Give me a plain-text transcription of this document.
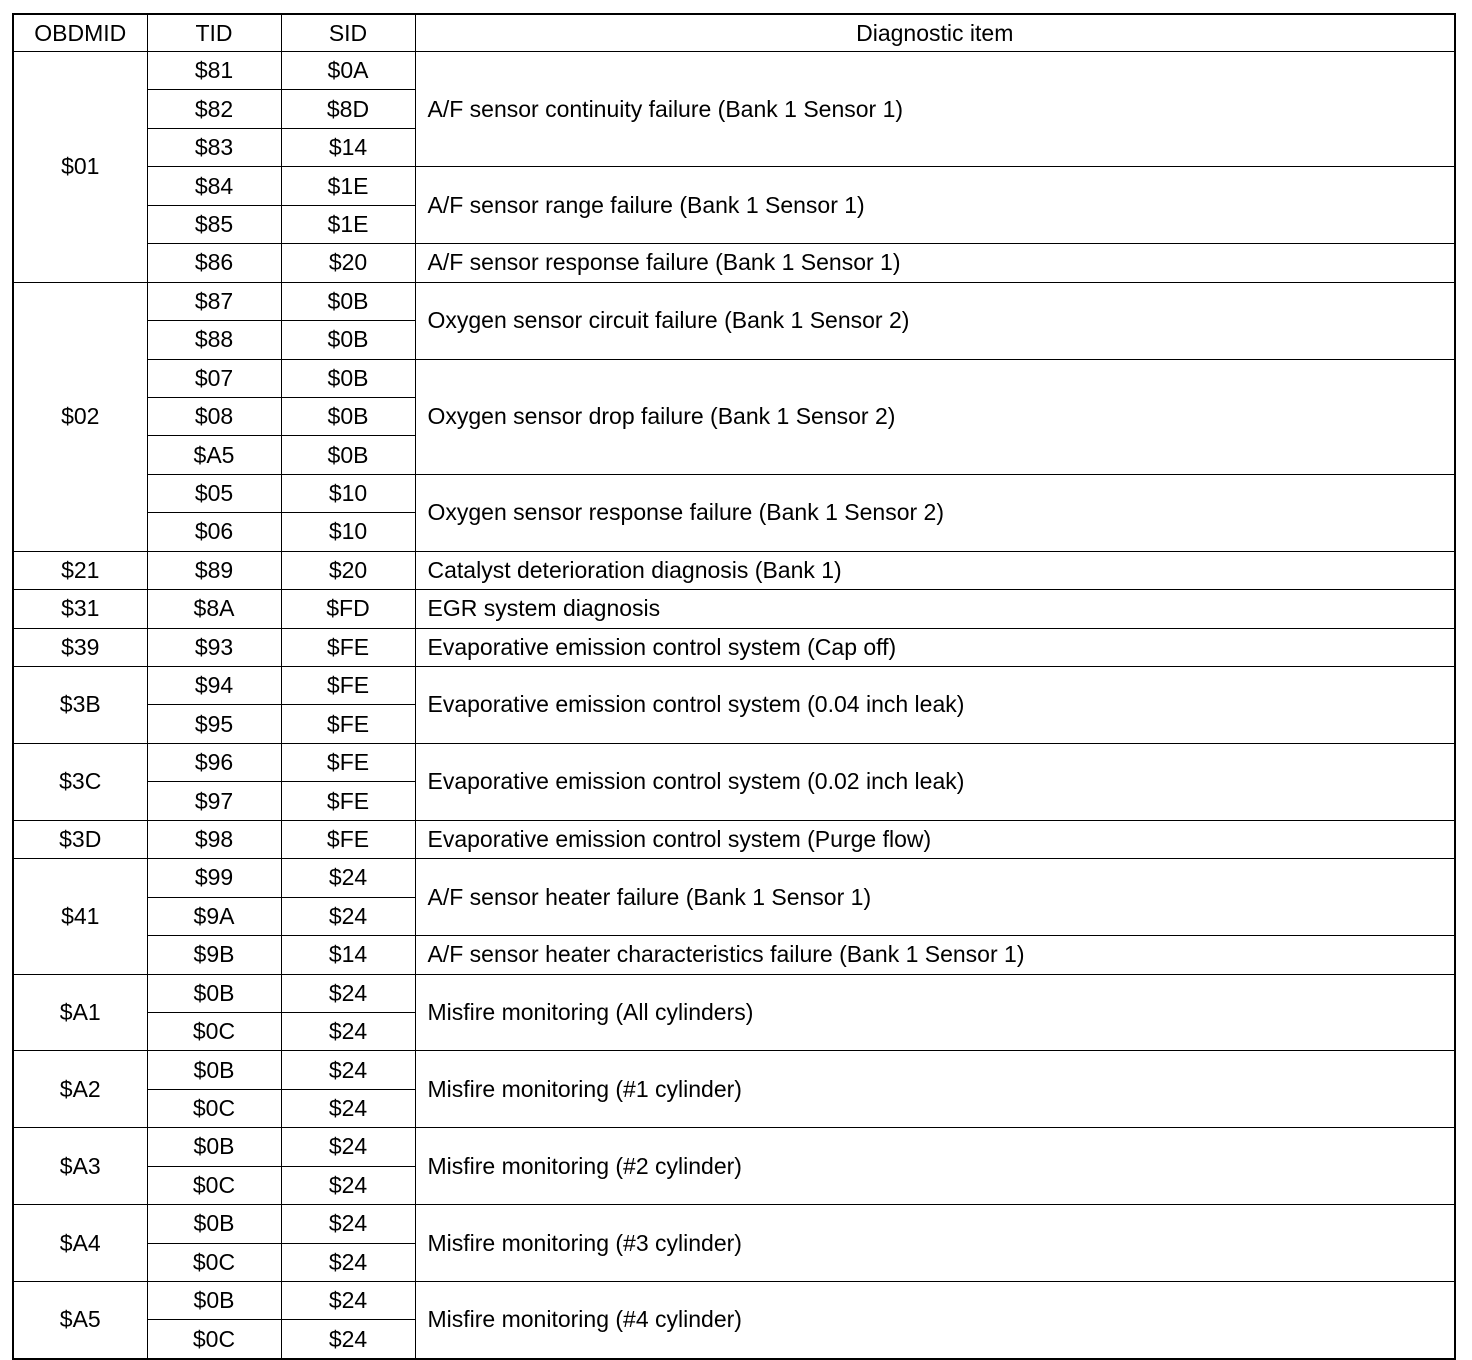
OBDMID	TID	SID	Diagnostic item
$01	$81	$0A	A/F sensor continuity failure (Bank 1 Sensor 1)
	$82	$8D	
	$83	$14	
	$84	$1E	A/F sensor range failure (Bank 1 Sensor 1)
	$85	$1E	
	$86	$20	A/F sensor response failure (Bank 1 Sensor 1)
$02	$87	$0B	Oxygen sensor circuit failure (Bank 1 Sensor 2)
	$88	$0B	
	$07	$0B	Oxygen sensor drop failure (Bank 1 Sensor 2)
	$08	$0B	
	$A5	$0B	
	$05	$10	Oxygen sensor response failure (Bank 1 Sensor 2)
	$06	$10	
$21	$89	$20	Catalyst deterioration diagnosis (Bank 1)
$31	$8A	$FD	EGR system diagnosis
$39	$93	$FE	Evaporative emission control system (Cap off)
$3B	$94	$FE	Evaporative emission control system (0.04 inch leak)
	$95	$FE	
$3C	$96	$FE	Evaporative emission control system (0.02 inch leak)
	$97	$FE	
$3D	$98	$FE	Evaporative emission control system (Purge flow)
$41	$99	$24	A/F sensor heater failure (Bank 1 Sensor 1)
	$9A	$24	
	$9B	$14	A/F sensor heater characteristics failure (Bank 1 Sensor 1)
$A1	$0B	$24	Misfire monitoring (All cylinders)
	$0C	$24	
$A2	$0B	$24	Misfire monitoring (#1 cylinder)
	$0C	$24	
$A3	$0B	$24	Misfire monitoring (#2 cylinder)
	$0C	$24	
$A4	$0B	$24	Misfire monitoring (#3 cylinder)
	$0C	$24	
$A5	$0B	$24	Misfire monitoring (#4 cylinder)
	$0C	$24	
